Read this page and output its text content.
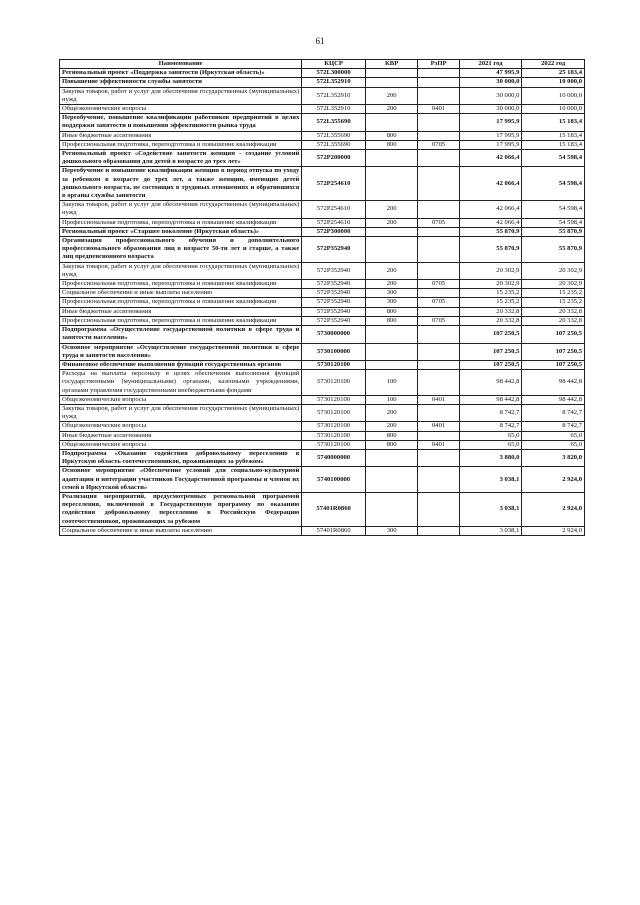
61
Наименование	КЦСР	КВР	РзПР	2021 год	2022 год
Региональный проект «Поддержка занятости (Иркутская область)»	572L300000			47 995,9	25 183,4
Повышение эффективности службы занятости	572L352910			30 000,0	10 000,0
Закупка товаров, работ и услуг для обеспечения государственных (муниципальных) нужд	572L352910	200		30 000,0	10 000,0
Общеэкономические вопросы	572L352910	200	0401	30 000,0	10 000,0
Переобучение, повышение квалификации работников предприятий в целях поддержки занятости и повышения эффективности рынка труда	572L355690			17 995,9	15 183,4
Иные бюджетные ассигнования	572L355690	800		17 995,9	15 183,4
Профессиональная подготовка, переподготовка и повышение квалификации	572L355690	800	0705	17 995,9	15 183,4
Региональный проект «Содействие занятости женщин - создание условий дошкольного образования для детей в возрасте до трех лет»	572P200000			42 066,4	54 598,4
Переобучение и повышение квалификации женщин в период отпуска по уходу за ребенком в возрасте до трех лет, а также женщин, имеющих детей дошкольного возраста, не состоящих в трудовых отношениях и обратившихся в органы службы занятости	572P254610			42 066,4	54 598,4
Закупка товаров, работ и услуг для обеспечения государственных (муниципальных) нужд	572P254610	200		42 066,4	54 598,4
Профессиональная подготовка, переподготовка и повышение квалификации	572P254610	200	0705	42 066,4	54 598,4
Региональный проект «Старшее поколение (Иркутская область)»	572P300000			55 870,9	55 870,9
Организация профессионального обучения и дополнительного профессионального образования лиц в возрасте 50-ти лет и старше, а также лиц предпенсионного возраста	572P352940			55 870,9	55 870,9
Закупка товаров, работ и услуг для обеспечения государственных (муниципальных) нужд	572P352940	200		20 302,9	20 302,9
Профессиональная подготовка, переподготовка и повышение квалификации	572P352940	200	0705	20 302,9	20 302,9
Социальное обеспечение и иные выплаты населению	572P352940	300		15 235,2	15 235,2
Профессиональная подготовка, переподготовка и повышение квалификации	572P352940	300	0705	15 235,2	15 235,2
Иные бюджетные ассигнования	572P352940	800		20 332,8	20 332,8
Профессиональная подготовка, переподготовка и повышение квалификации	572P352940	800	0705	20 332,8	20 332,8
Подпрограмма «Осуществление государственной политики в сфере труда и занятости населения»	5730000000			107 250,5	107 250,5
Основное мероприятие «Осуществление государственной политики в сфере труда и занятости населения»	5730100000			107 250,5	107 250,5
Финансовое обеспечение выполнения функций государственных органов	5730120100			107 250,5	107 250,5
Расходы на выплаты персоналу в целях обеспечения выполнения функций государственными (муниципальными) органами, казенными учреждениями, органами управления государственными внебюджетными фондами	5730120100	100		98 442,8	98 442,8
Общеэкономические вопросы	5730120100	100	0401	98 442,8	98 442,8
Закупка товаров, работ и услуг для обеспечения государственных (муниципальных) нужд	5730120100	200		8 742,7	8 742,7
Общеэкономические вопросы	5730120100	200	0401	8 742,7	8 742,7
Иные бюджетные ассигнования	5730120100	800		65,0	65,0
Общеэкономические вопросы	5730120100	800	0401	65,0	65,0
Подпрограмма «Оказание содействия добровольному переселению в Иркутскую область соотечественников, проживающих за рубежом»	5740000000			3 880,0	3 820,0
Основное мероприятие «Обеспечение условий для социально-культурной адаптации и интеграции участников Государственной программы и членов их семей в Иркутской области»	5740100000			3 038,1	2 924,0
Реализация мероприятий, предусмотренных региональной программой переселения, включенной в Государственную программу по оказанию содействия добровольному переселению в Российскую Федерацию соотечественников, проживающих за рубежом	57401R0860			3 038,1	2 924,0
Социальное обеспечение и иные выплаты населению	57401R0860	300		3 038,1	2 924,0
